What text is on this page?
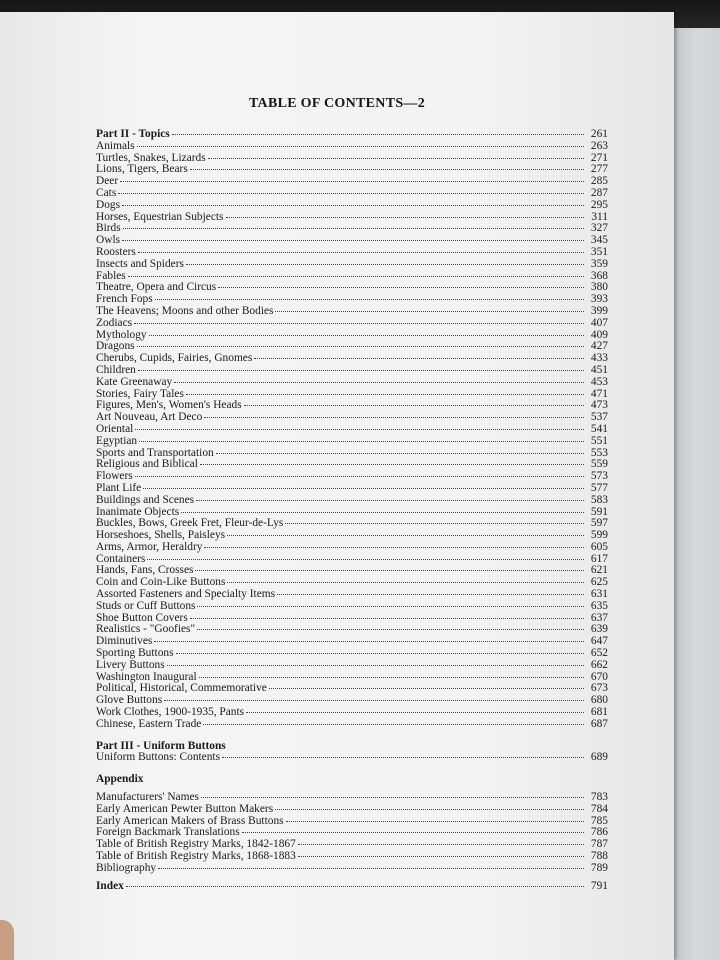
TABLE OF CONTENTS—2
Part II - Topics	261
Animals	263
Turtles, Snakes, Lizards	271
Lions, Tigers, Bears	277
Deer	285
Cats	287
Dogs	295
Horses, Equestrian Subjects	311
Birds	327
Owls	345
Roosters	351
Insects and Spiders	359
Fables	368
Theatre, Opera and Circus	380
French Fops	393
The Heavens; Moons and other Bodies	399
Zodiacs	407
Mythology	409
Dragons	427
Cherubs, Cupids, Fairies, Gnomes	433
Children	451
Kate Greenaway	453
Stories, Fairy Tales	471
Figures, Men's, Women's Heads	473
Art Nouveau, Art Deco	537
Oriental	541
Egyptian	551
Sports and Transportation	553
Religious and Biblical	559
Flowers	573
Plant Life	577
Buildings and Scenes	583
Inanimate Objects	591
Buckles, Bows, Greek Fret, Fleur-de-Lys	597
Horseshoes, Shells, Paisleys	599
Arms, Armor, Heraldry	605
Containers	617
Hands, Fans, Crosses	621
Coin and Coin-Like Buttons	625
Assorted Fasteners and Specialty Items	631
Studs or Cuff Buttons	635
Shoe Button Covers	637
Realistics - "Goofies"	639
Diminutives	647
Sporting Buttons	652
Livery Buttons	662
Washington Inaugural	670
Political, Historical, Commemorative	673
Glove Buttons	680
Work Clothes, 1900-1935, Pants	681
Chinese, Eastern Trade	687
Part III - Uniform Buttons
Uniform Buttons: Contents	689
Appendix
Manufacturers' Names	783
Early American Pewter Button Makers	784
Early American Makers of Brass Buttons	785
Foreign Backmark Translations	786
Table of British Registry Marks, 1842-1867	787
Table of British Registry Marks, 1868-1883	788
Bibliography	789
Index	791
